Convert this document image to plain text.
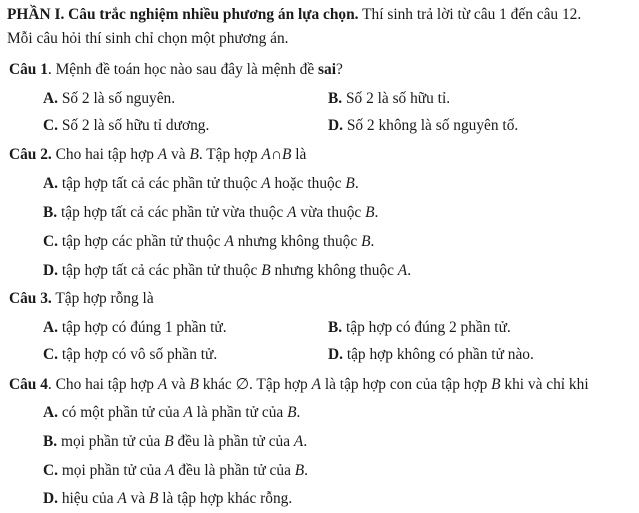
PHẦN I. Câu trắc nghiệm nhiều phương án lựa chọn. Thí sinh trả lời từ câu 1 đến câu 12.
Mỗi câu hỏi thí sinh chỉ chọn một phương án.
Câu 1. Mệnh đề toán học nào sau đây là mệnh đề sai?
A. Số 2 là số nguyên.	B. Số 2 là số hữu tỉ.
C. Số 2 là số hữu tỉ dương.	D. Số 2 không là số nguyên tố.
Câu 2. Cho hai tập hợp A và B. Tập hợp A∩B là
A. tập hợp tất cả các phần tử thuộc A hoặc thuộc B.
B. tập hợp tất cả các phần tử vừa thuộc A vừa thuộc B.
C. tập hợp các phần tử thuộc A nhưng không thuộc B.
D. tập hợp tất cả các phần tử thuộc B nhưng không thuộc A.
Câu 3. Tập hợp rỗng là
A. tập hợp có đúng 1 phần tử.	B. tập hợp có đúng 2 phần tử.
C. tập hợp có vô số phần tử.	D. tập hợp không có phần tử nào.
Câu 4. Cho hai tập hợp A và B khác ∅. Tập hợp A là tập hợp con của tập hợp B khi và chỉ khi
A. có một phần tử của A là phần tử của B.
B. mọi phần tử của B đều là phần tử của A.
C. mọi phần tử của A đều là phần tử của B.
D. hiệu của A và B là tập hợp khác rỗng.
